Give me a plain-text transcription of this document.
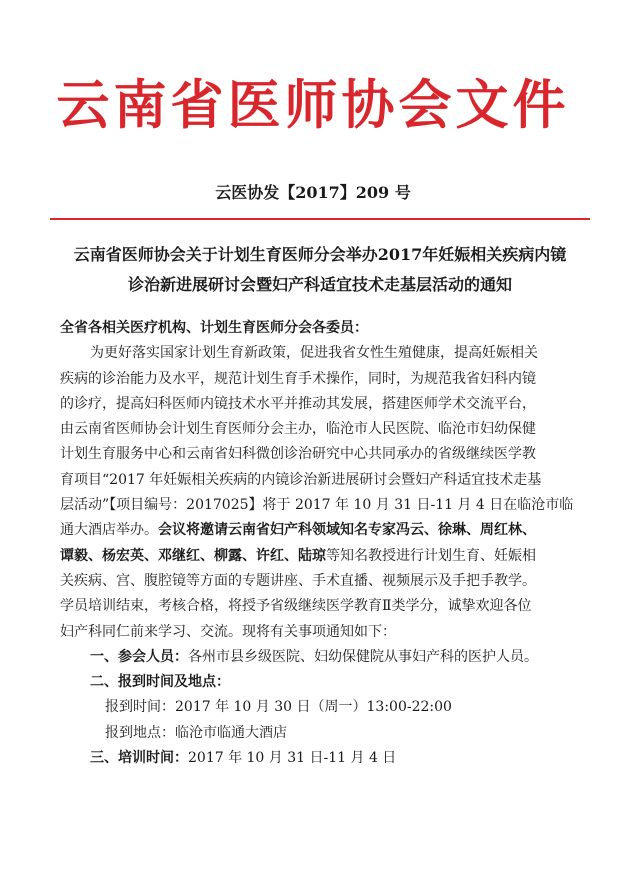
云南省医师协会文件
云医协发【2017】209 号
云南省医师协会关于计划生育医师分会举办2017年妊娠相关疾病内镜
诊治新进展研讨会暨妇产科适宜技术走基层活动的通知
全省各相关医疗机构、计划生育医师分会各委员：
为更好落实国家计划生育新政策，促进我省女性生殖健康，提高妊娠相关
疾病的诊治能力及水平，规范计划生育手术操作，同时，为规范我省妇科内镜
的诊疗，提高妇科医师内镜技术水平并推动其发展，搭建医师学术交流平台，
由云南省医师协会计划生育医师分会主办，临沧市人民医院、临沧市妇幼保健
计划生育服务中心和云南省妇科微创诊治研究中心共同承办的省级继续医学教
育项目“2017 年妊娠相关疾病的内镜诊治新进展研讨会暨妇产科适宜技术走基
层活动”【项目编号：2017025】将于 2017 年 10 月 31 日-11 月 4 日在临沧市临
通大酒店举办。会议将邀请云南省妇产科领域知名专家冯云、徐琳、周红林、
谭毅、杨宏英、邓继红、柳露、许红、陆琼等知名教授进行计划生育、妊娠相
关疾病、宫、腹腔镜等方面的专题讲座、手术直播、视频展示及手把手教学。
学员培训结束，考核合格，将授予省级继续医学教育Ⅱ类学分，诚挚欢迎各位
妇产科同仁前来学习、交流。现将有关事项通知如下：
一、参会人员：各州市县乡级医院、妇幼保健院从事妇产科的医护人员。
二、报到时间及地点：
报到时间：2017 年 10 月 30 日（周一）13:00-22:00
报到地点：临沧市临通大酒店
三、培训时间：2017 年 10 月 31 日-11 月 4 日
